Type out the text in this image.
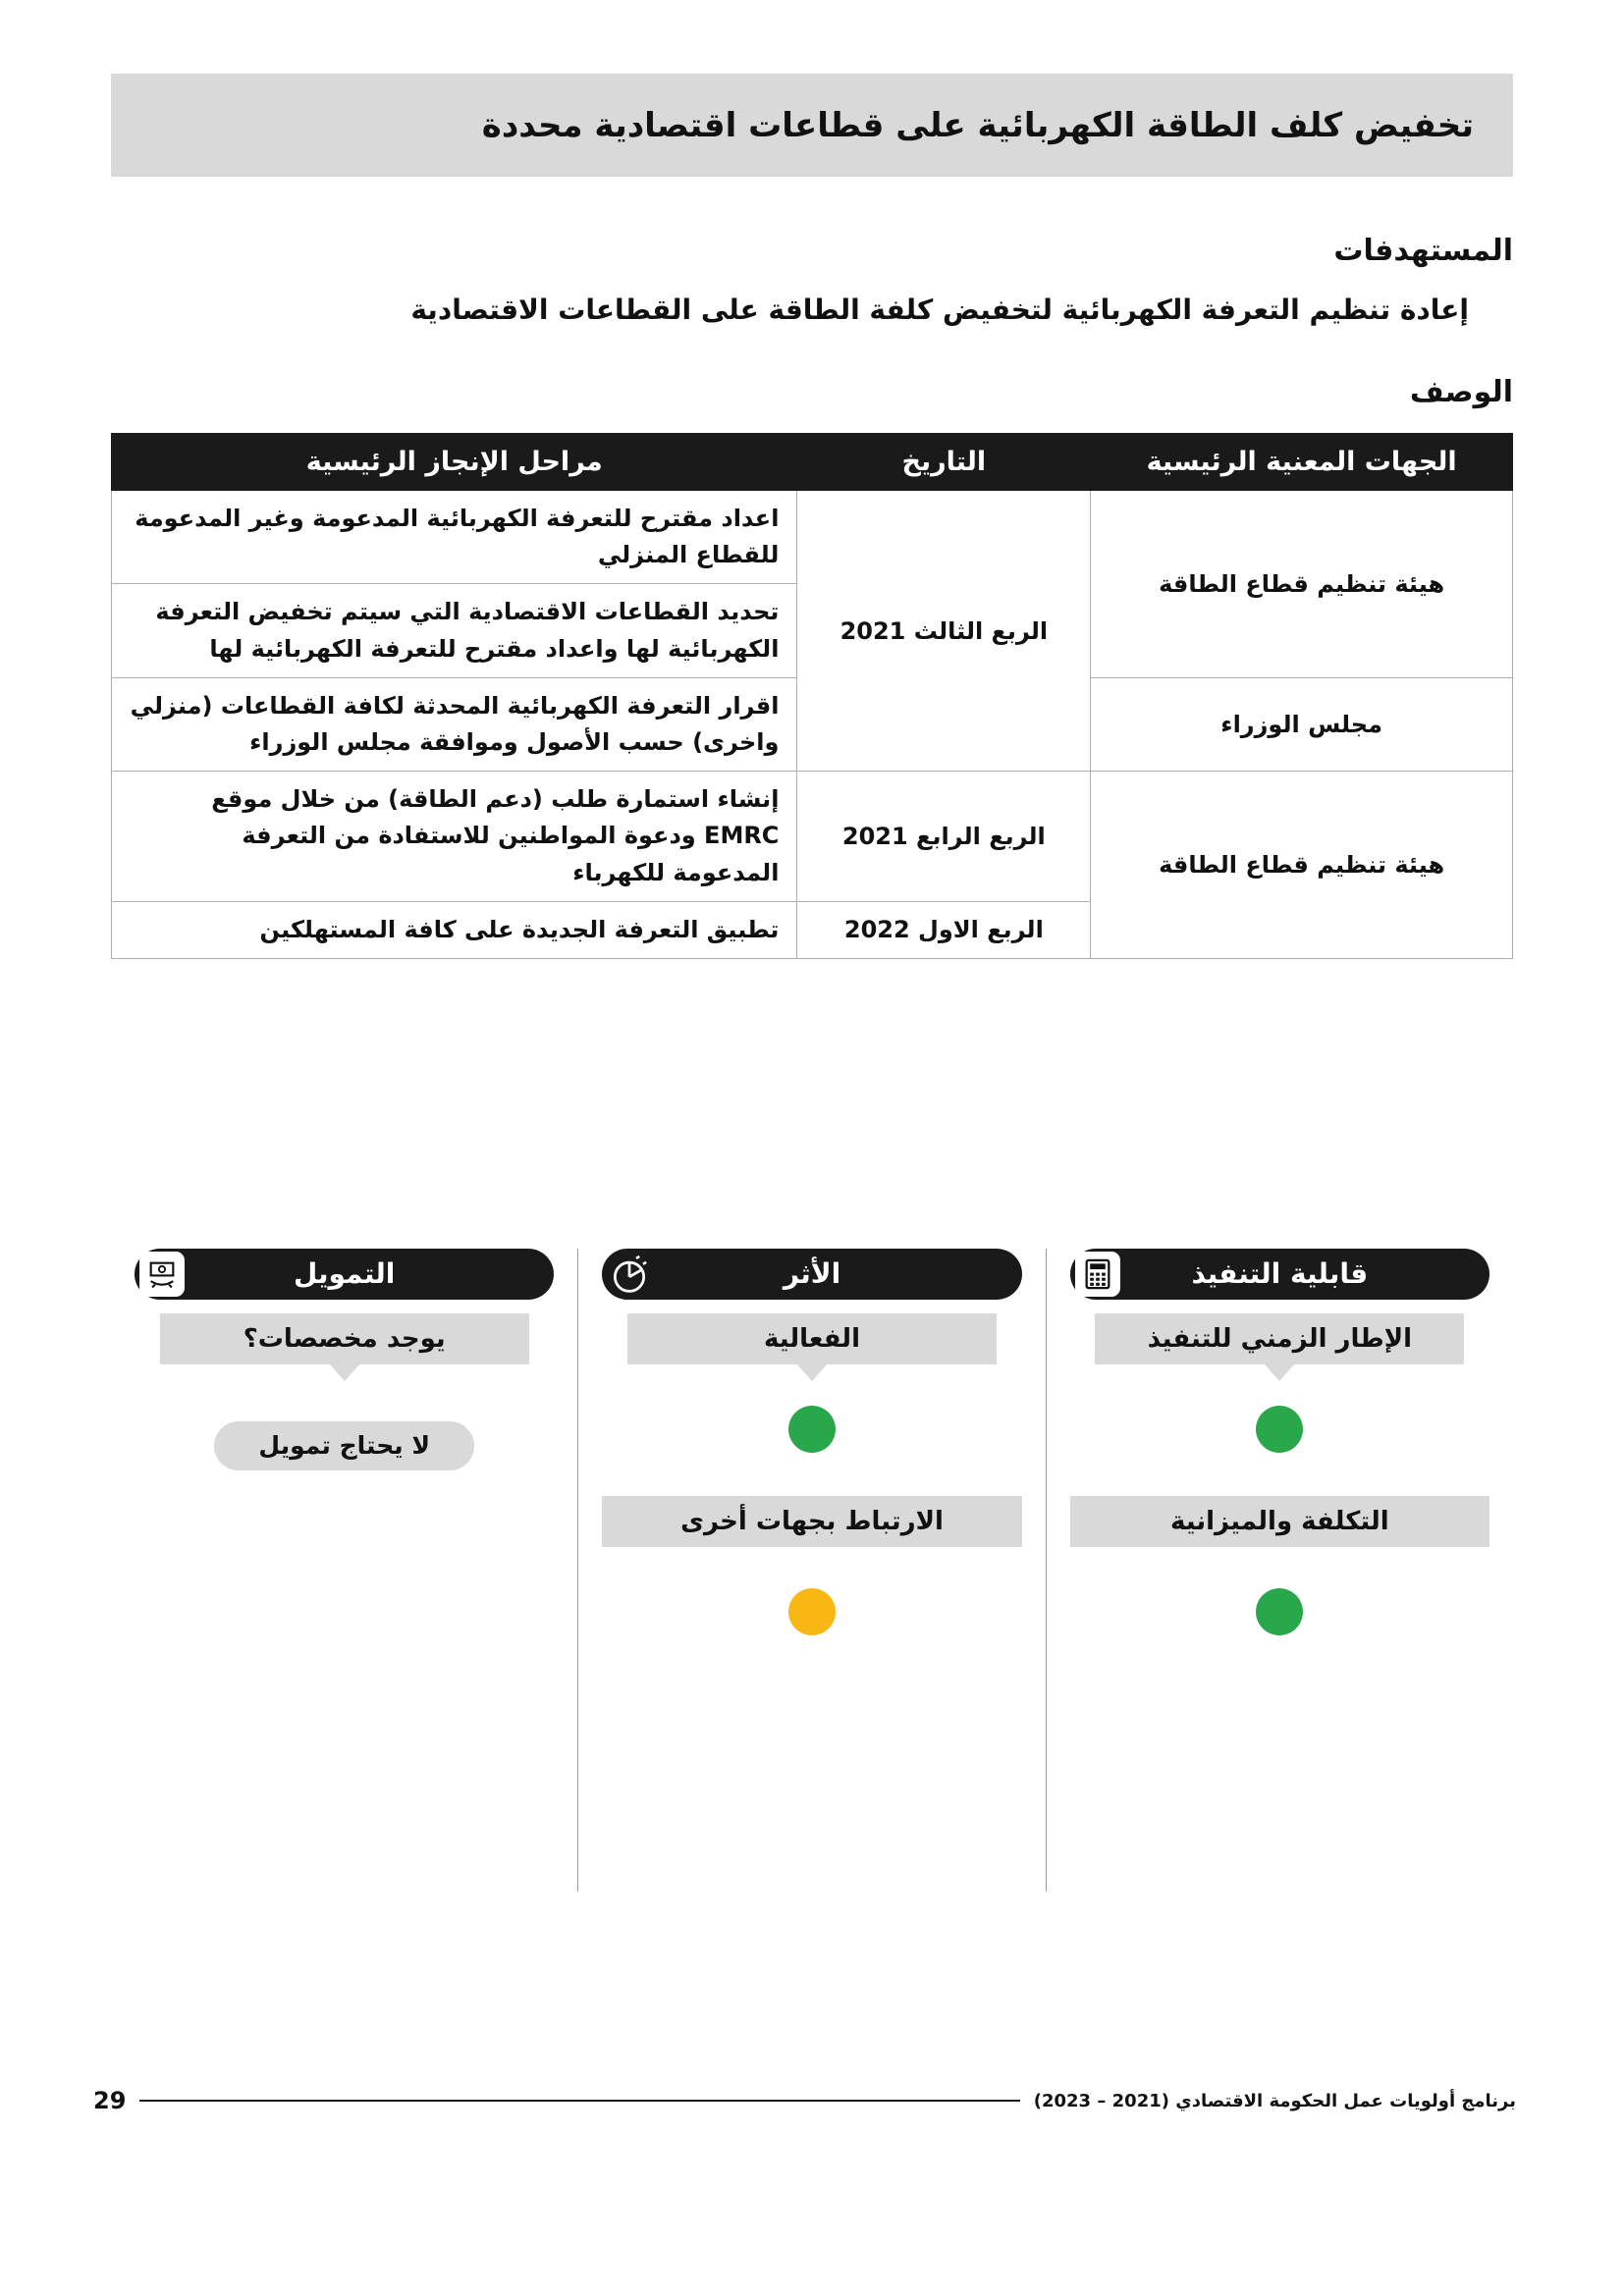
تخفيض كلف الطاقة الكهربائية على قطاعات اقتصادية محددة
المستهدفات

إعادة تنظيم التعرفة الكهربائية لتخفيض كلفة الطاقة على القطاعات الاقتصادية

الوصف
الجهات المعنية الرئيسية	التاريخ	مراحل الإنجاز الرئيسية
هيئة تنظيم قطاع الطاقة	الربع الثالث 2021	اعداد مقترح للتعرفة الكهربائية المدعومة وغير المدعومة للقطاع المنزلي
		تحديد القطاعات الاقتصادية التي سيتم تخفيض التعرفة الكهربائية لها واعداد مقترح للتعرفة الكهربائية لها
مجلس الوزراء		اقرار التعرفة الكهربائية المحدثة لكافة القطاعات (منزلي واخرى) حسب الأصول وموافقة مجلس الوزراء
هيئة تنظيم قطاع الطاقة	الربع الرابع 2021	إنشاء استمارة طلب (دعم الطاقة) من خلال موقع EMRC ودعوة المواطنين للاستفادة من التعرفة المدعومة للكهرباء
	الربع الاول 2022	تطبيق التعرفة الجديدة على كافة المستهلكين
قابلية التنفيذ
الإطار الزمني للتنفيذ
التكلفة والميزانية
الأثر
الفعالية
الارتباط بجهات أخرى
التمويل
يوجد مخصصات؟
لا يحتاج تمويل
برنامج أولويات عمل الحكومة الاقتصادي (2021 – 2023)
29
